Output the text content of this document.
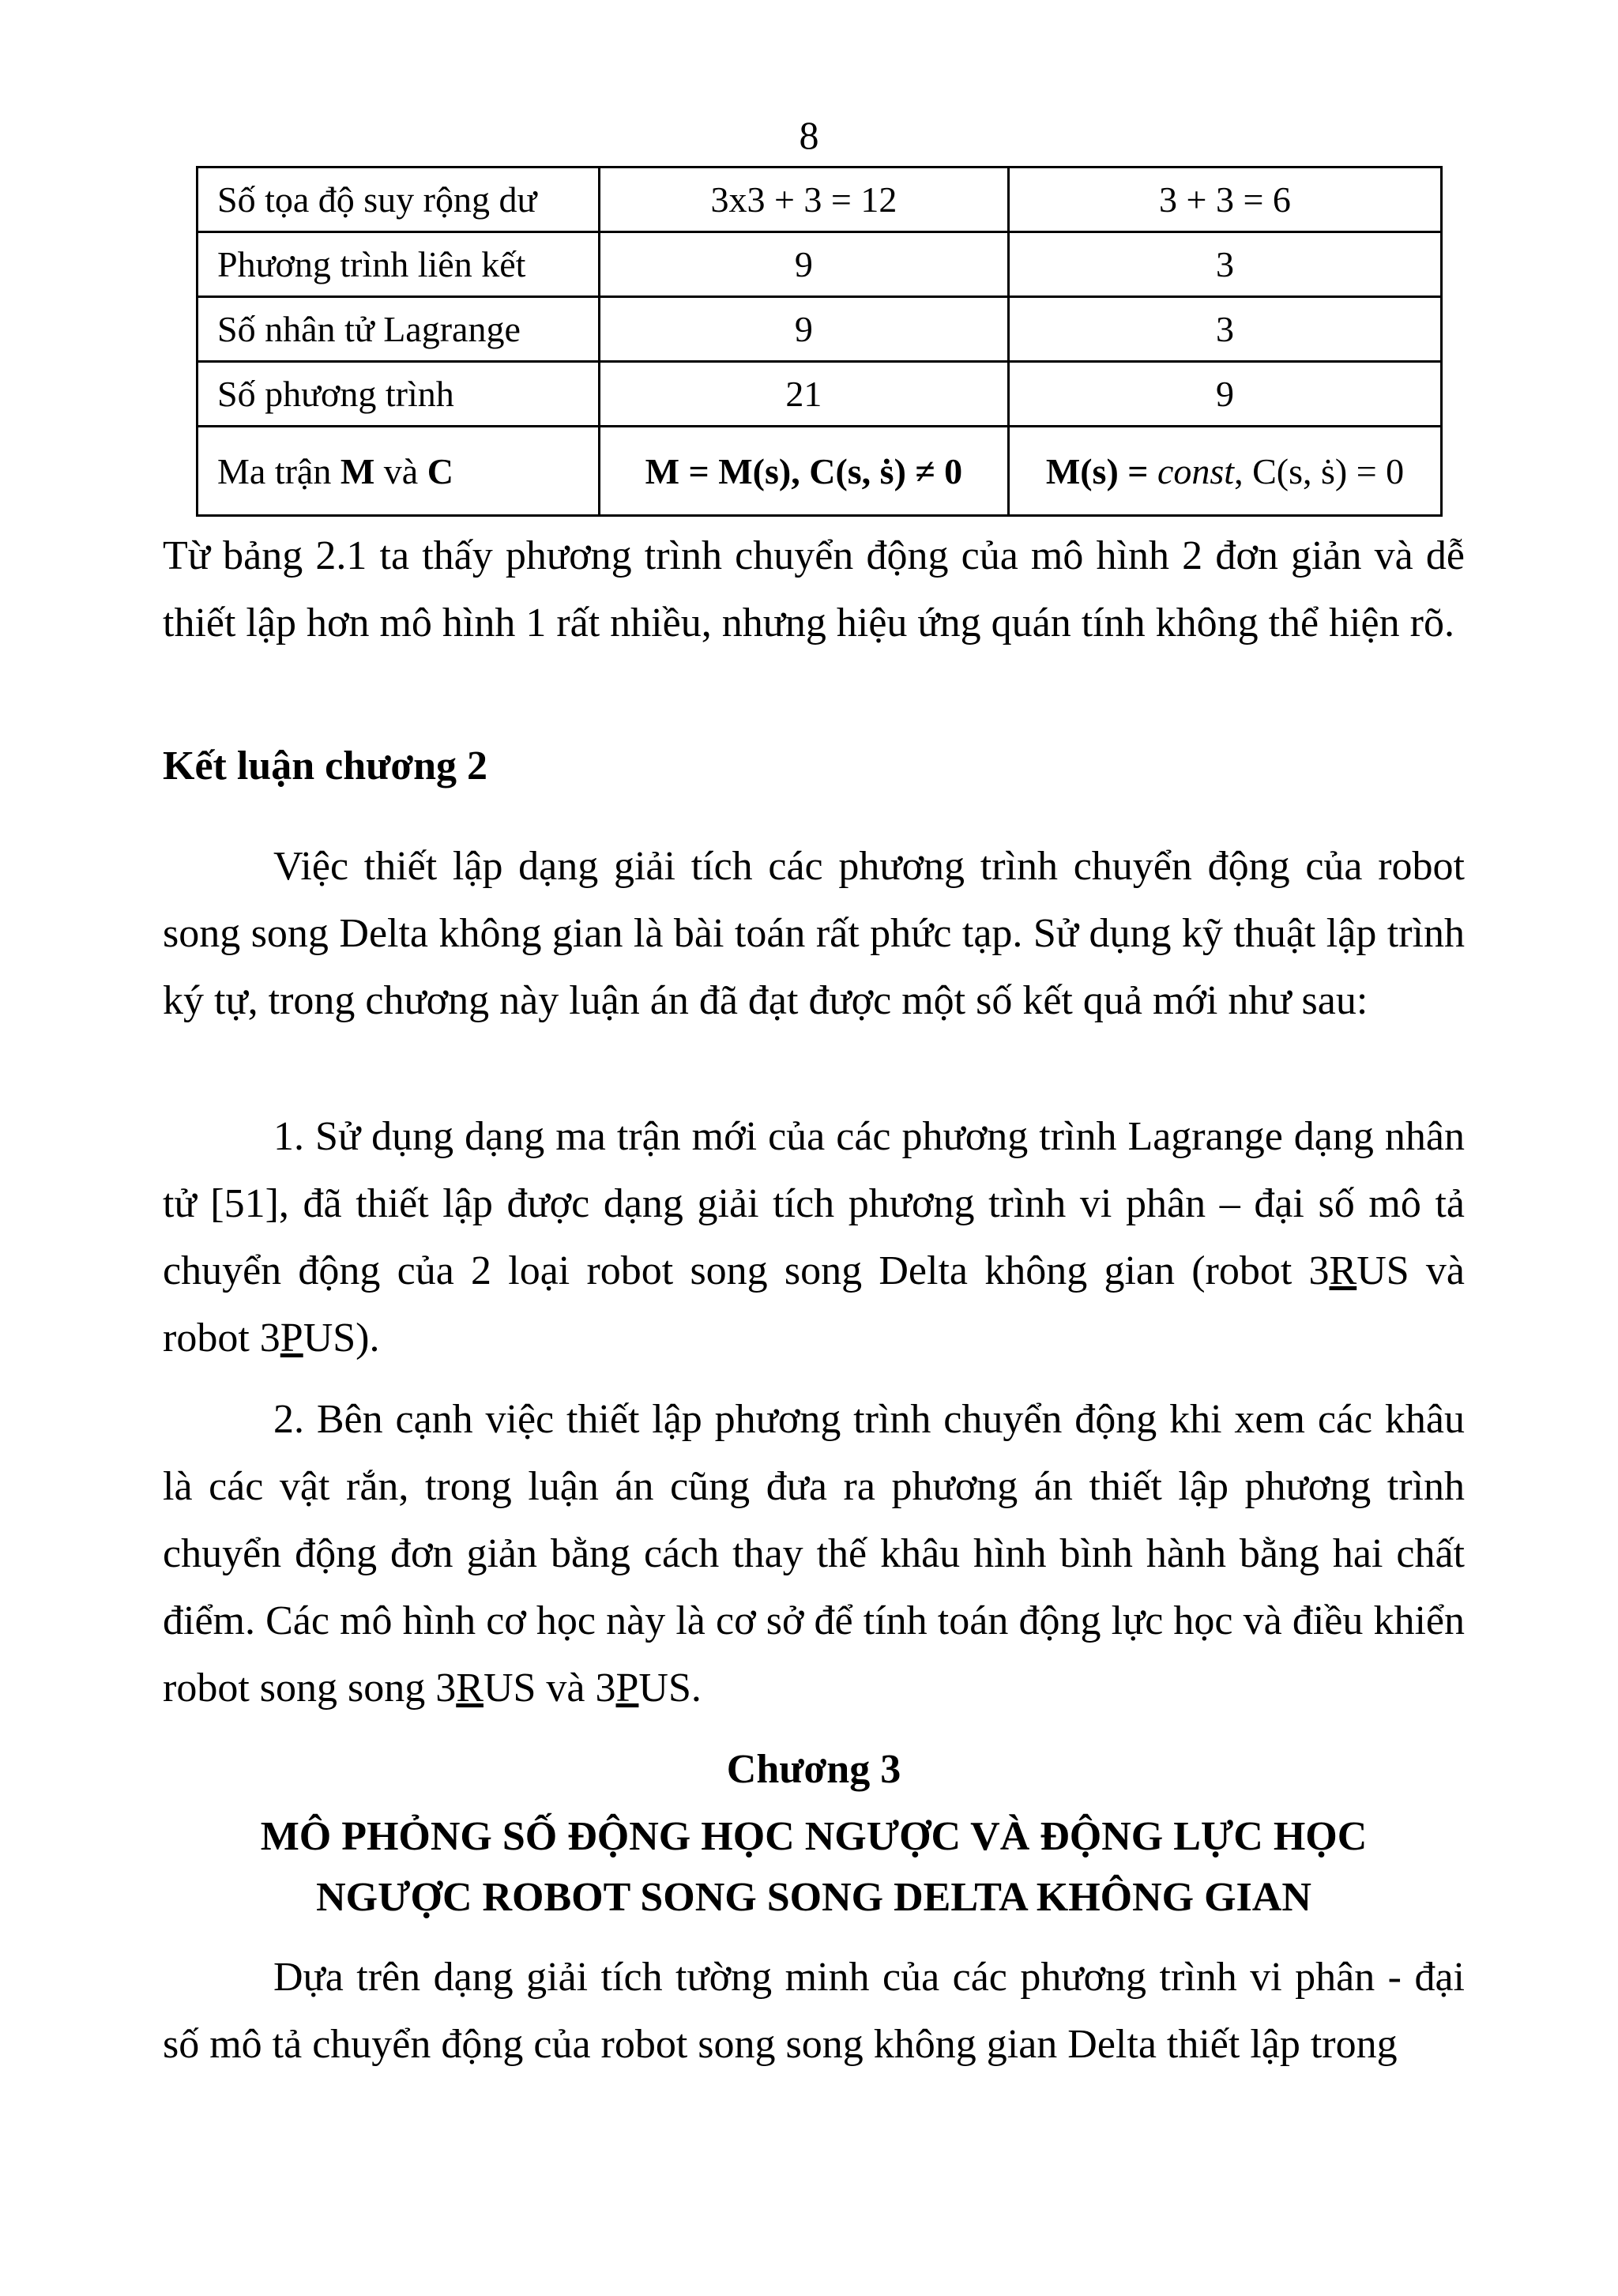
8
Số tọa độ suy rộng dư	3x3 + 3 = 12	3 + 3 = 6
Phương trình liên kết	9	3
Số nhân tử Lagrange	9	3
Số phương trình	21	9
Ma trận M và C	M = M(s), C(s, ṡ) ≠ 0	M(s) = const, C(s, ṡ) = 0
Từ bảng 2.1 ta thấy phương trình chuyển động của mô hình 2 đơn giản và dễ thiết lập hơn mô hình 1 rất nhiều, nhưng hiệu ứng quán tính không thể hiện rõ.
Kết luận chương 2
Việc thiết lập dạng giải tích các phương trình chuyển động của robot song song Delta không gian là bài toán rất phức tạp. Sử dụng kỹ thuật lập trình ký tự, trong chương này luận án đã đạt được một số kết quả mới như sau:
1. Sử dụng dạng ma trận mới của các phương trình Lagrange dạng nhân tử [51], đã thiết lập được dạng giải tích phương trình vi phân – đại số mô tả chuyển động của 2 loại robot song song Delta không gian (robot 3RUS và robot 3PUS).
2. Bên cạnh việc thiết lập phương trình chuyển động khi xem các khâu là các vật rắn, trong luận án cũng đưa ra phương án thiết lập phương trình chuyển động đơn giản bằng cách thay thế khâu hình bình hành bằng hai chất điểm. Các mô hình cơ học này là cơ sở để tính toán động lực học và điều khiển robot song song 3RUS và 3PUS.
Chương 3
MÔ PHỎNG SỐ ĐỘNG HỌC NGƯỢC VÀ ĐỘNG LỰC HỌC
NGƯỢC ROBOT SONG SONG DELTA KHÔNG GIAN
Dựa trên dạng giải tích tường minh của các phương trình vi phân - đại số mô tả chuyển động của robot song song không gian Delta thiết lập trong
